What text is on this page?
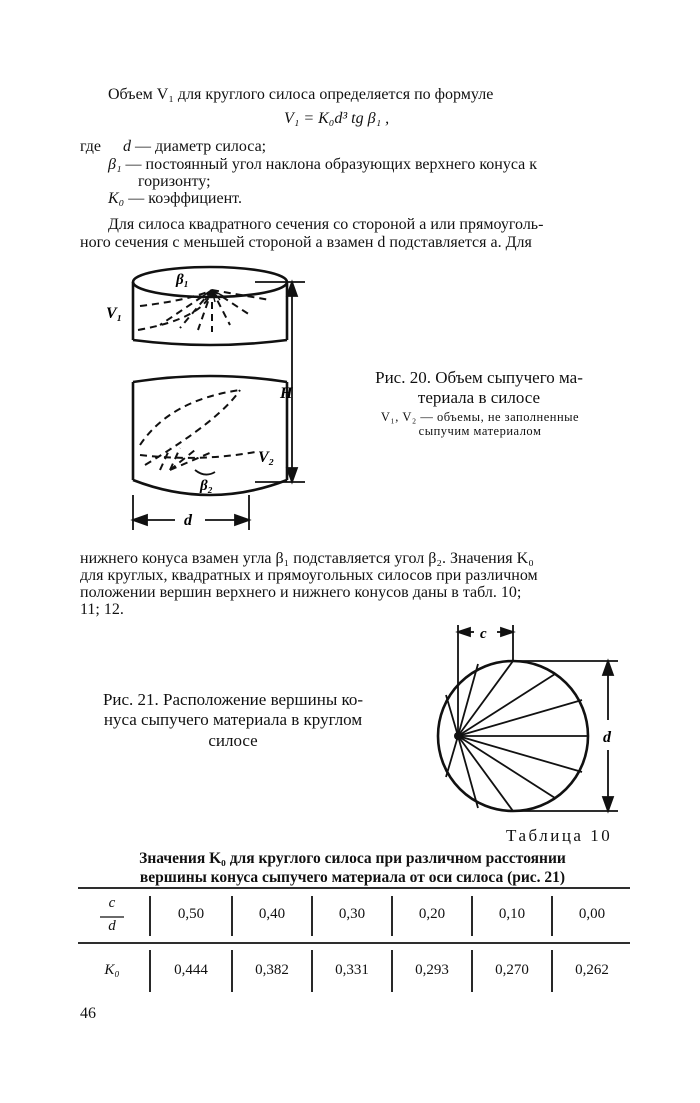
Объем V₁ для круглого силоса определяется по формуле
V₁ = K₀d³ tg β₁ ,
где d — диаметр силоса;
β₁ — постоянный угол наклона образующих верхнего конуса к
горизонту;
K₀ — коэффициент.
Для силоса квадратного сечения со стороной a или прямоуголь-
ного сечения с меньшей стороной a взамен d подставляется a. Для
β₁
V₁
H
V₂
β₂
d
Рис. 20. Объем сыпучего ма-
териала в силосе
V₁, V₂ — объемы, не заполненные
сыпучим материалом
нижнего конуса взамен угла β₁ подставляется угол β₂. Значения K₀
для круглых, квадратных и прямоугольных силосов при различном
положении вершин верхнего и нижнего конусов даны в табл. 10;
11; 12.
c
d
Рис. 21. Расположение вершины ко-
нуса сыпучего материала в круглом
силосе
Таблица 10
Значения K₀ для круглого силоса при различном расстоянии
вершины конуса сыпучего материала от оси силоса (рис. 21)
c
d
0,50	0,40	0,30	0,20	0,10	0,00
K₀	0,444	0,382	0,331	0,293	0,270	0,262
46
